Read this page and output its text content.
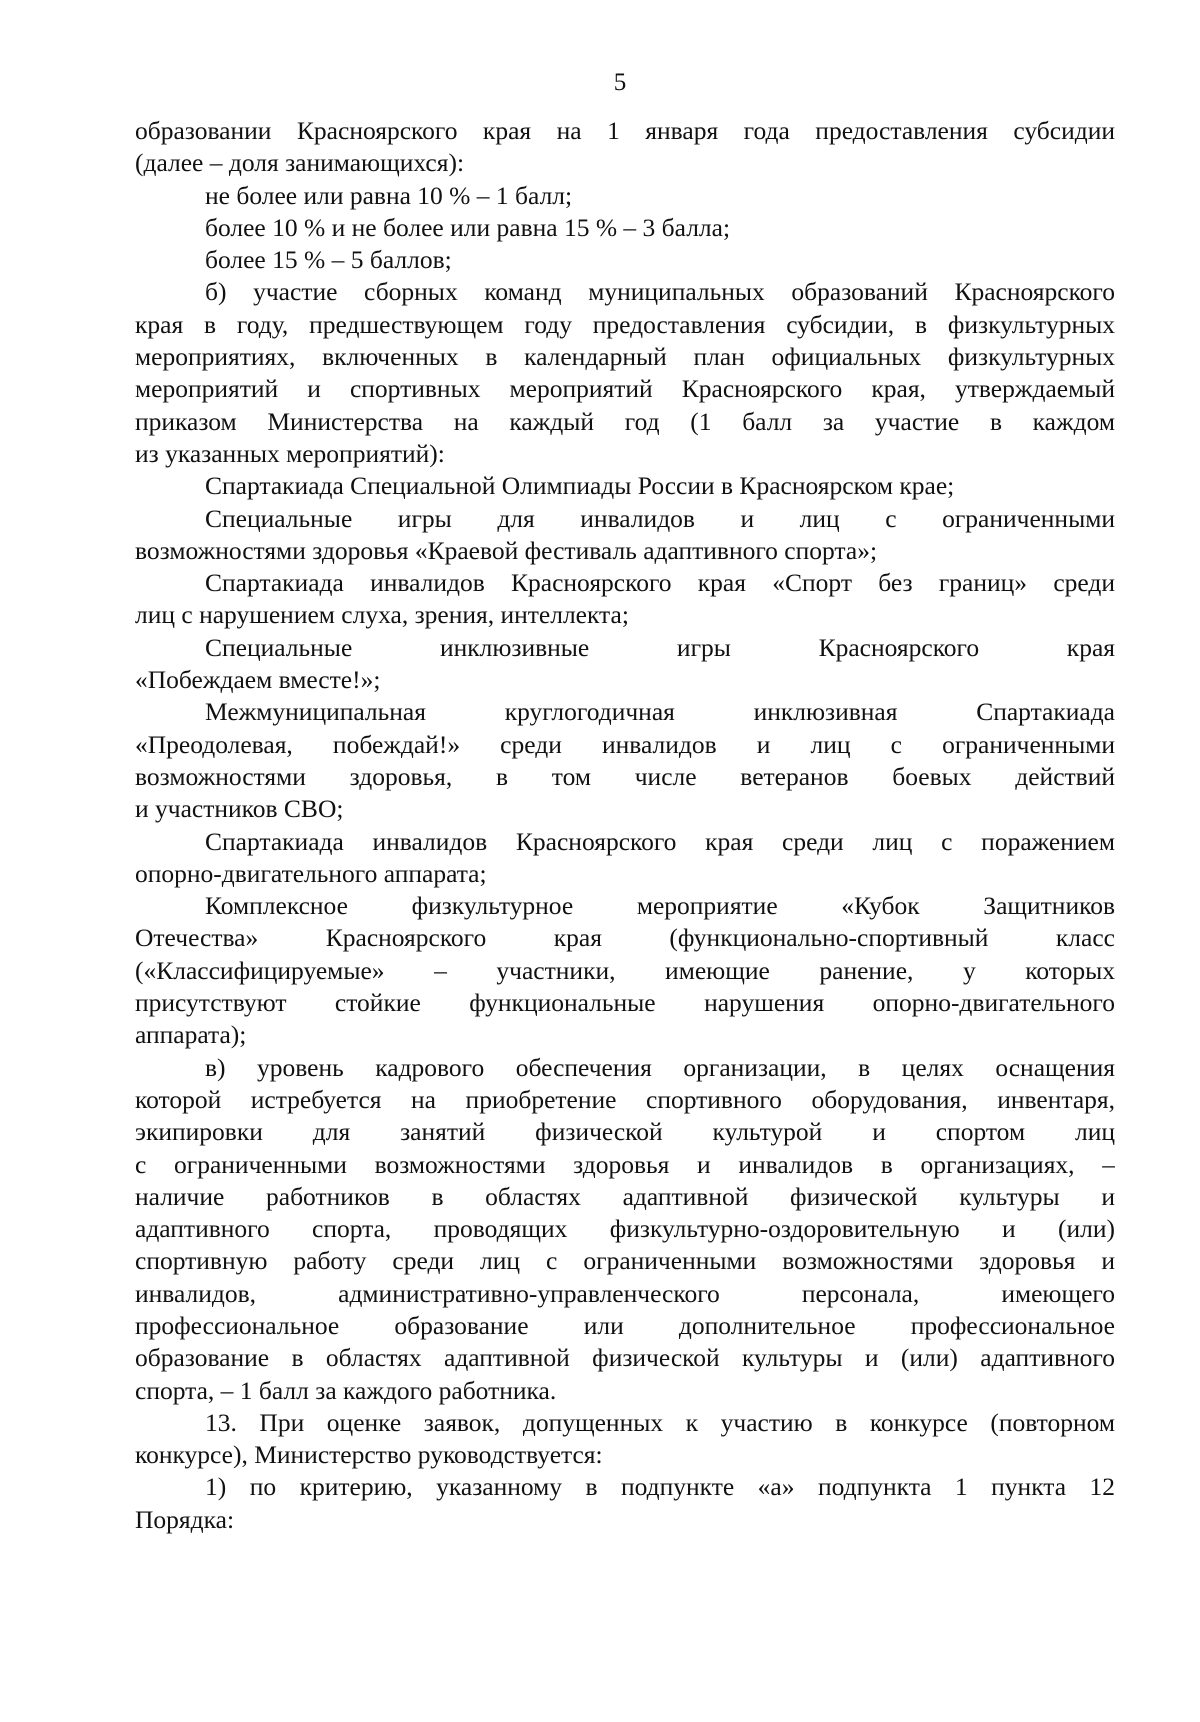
5
образовании Красноярского края на 1 января года предоставления субсидии
(далее – доля занимающихся):
не более или равна 10 % – 1 балл;
более 10 % и не более или равна 15 % – 3 балла;
более 15 % – 5 баллов;
б) участие сборных команд муниципальных образований Красноярского
края в году, предшествующем году предоставления субсидии, в физкультурных
мероприятиях, включенных в календарный план официальных физкультурных
мероприятий и спортивных мероприятий Красноярского края, утверждаемый
приказом Министерства на каждый год (1 балл за участие в каждом
из указанных мероприятий):
Спартакиада Специальной Олимпиады России в Красноярском крае;
Специальные игры для инвалидов и лиц с ограниченными
возможностями здоровья «Краевой фестиваль адаптивного спорта»;
Спартакиада инвалидов Красноярского края «Спорт без границ» среди
лиц с нарушением слуха, зрения, интеллекта;
Специальные инклюзивные игры Красноярского края
«Побеждаем вместе!»;
Межмуниципальная круглогодичная инклюзивная Спартакиада
«Преодолевая, побеждай!» среди инвалидов и лиц с ограниченными
возможностями здоровья, в том числе ветеранов боевых действий
и участников СВО;
Спартакиада инвалидов Красноярского края среди лиц с поражением
опорно-двигательного аппарата;
Комплексное физкультурное мероприятие «Кубок Защитников
Отечества» Красноярского края (функционально-спортивный класс
(«Классифицируемые» – участники, имеющие ранение, у которых
присутствуют стойкие функциональные нарушения опорно-двигательного
аппарата);
в) уровень кадрового обеспечения организации, в целях оснащения
которой истребуется на приобретение спортивного оборудования, инвентаря,
экипировки для занятий физической культурой и спортом лиц
с ограниченными возможностями здоровья и инвалидов в организациях, –
наличие работников в областях адаптивной физической культуры и
адаптивного спорта, проводящих физкультурно-оздоровительную и (или)
спортивную работу среди лиц с ограниченными возможностями здоровья и
инвалидов, административно-управленческого персонала, имеющего
профессиональное образование или дополнительное профессиональное
образование в областях адаптивной физической культуры и (или) адаптивного
спорта, – 1 балл за каждого работника.
13. При оценке заявок, допущенных к участию в конкурсе (повторном
конкурсе), Министерство руководствуется:
1) по критерию, указанному в подпункте «а» подпункта 1 пункта 12
Порядка:
